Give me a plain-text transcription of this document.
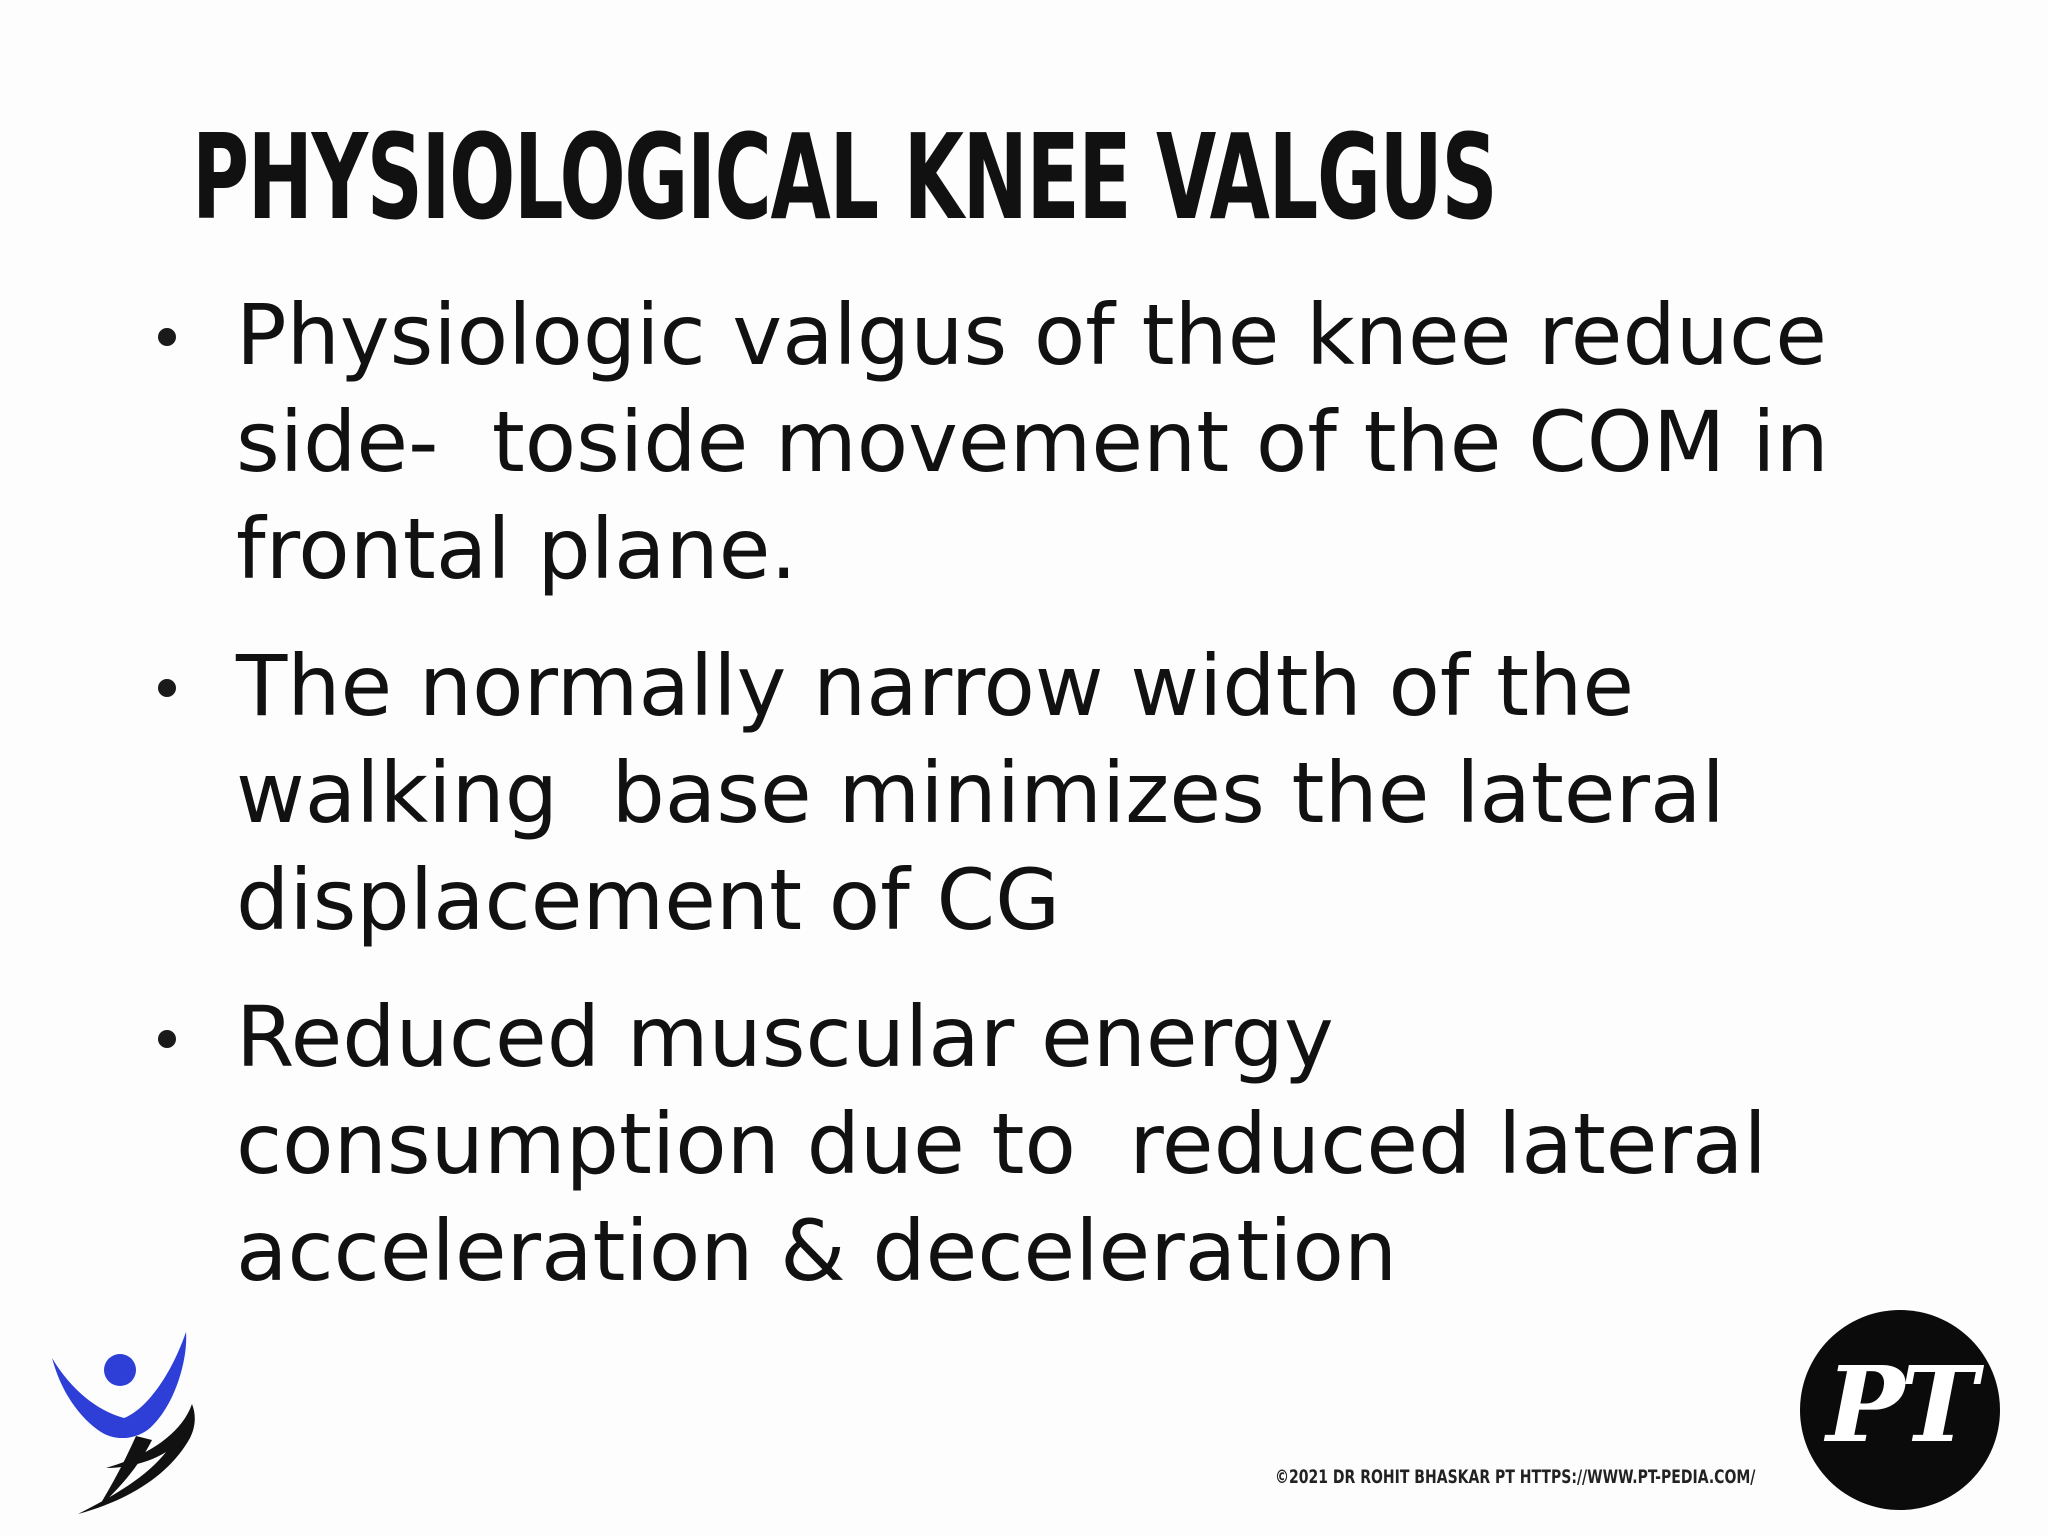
PHYSIOLOGICAL KNEE VALGUS
Physiologic valgus of the knee reduce
side-  toside movement of the COM in
frontal plane.
The normally narrow width of the
walking  base minimizes the lateral
displacement of CG
Reduced muscular energy
consumption due to  reduced lateral
acceleration & deceleration
©2021 DR ROHIT BHASKAR PT HTTPS://WWW.PT-PEDIA.COM/
PT
